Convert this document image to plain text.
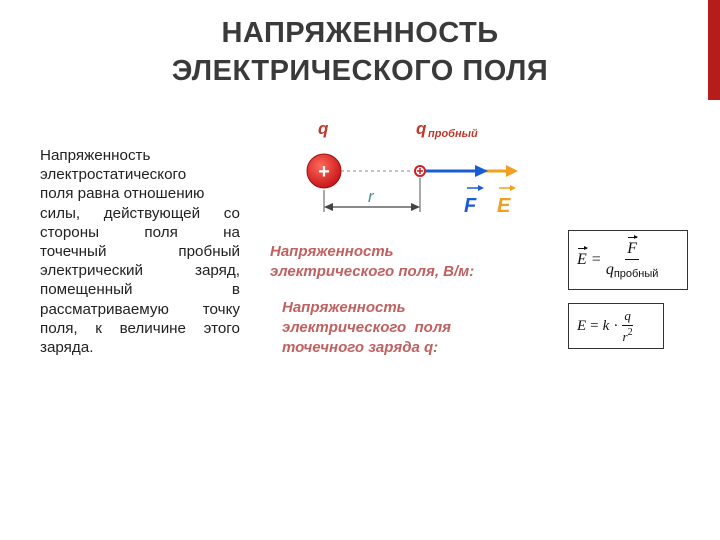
НАПРЯЖЕННОСТЬ
ЭЛЕКТРИЧЕСКОГО ПОЛЯ
Напряженность
электростатического
поля равна отношению
силы, действующей со
стороны	поля	на
точечный	пробный
электрический	заряд,
помещенный	в
рассматриваемую точку
поля, к величине этого
заряда.
q	q пробный
+
r	F E
Напряженность
электрического поля, В/м:
Напряженность
электрического  поля
точечного заряда q:
$E = \frac{F}{q_{пробный}}$
$E = k \cdot \frac{q}{r^2}$
